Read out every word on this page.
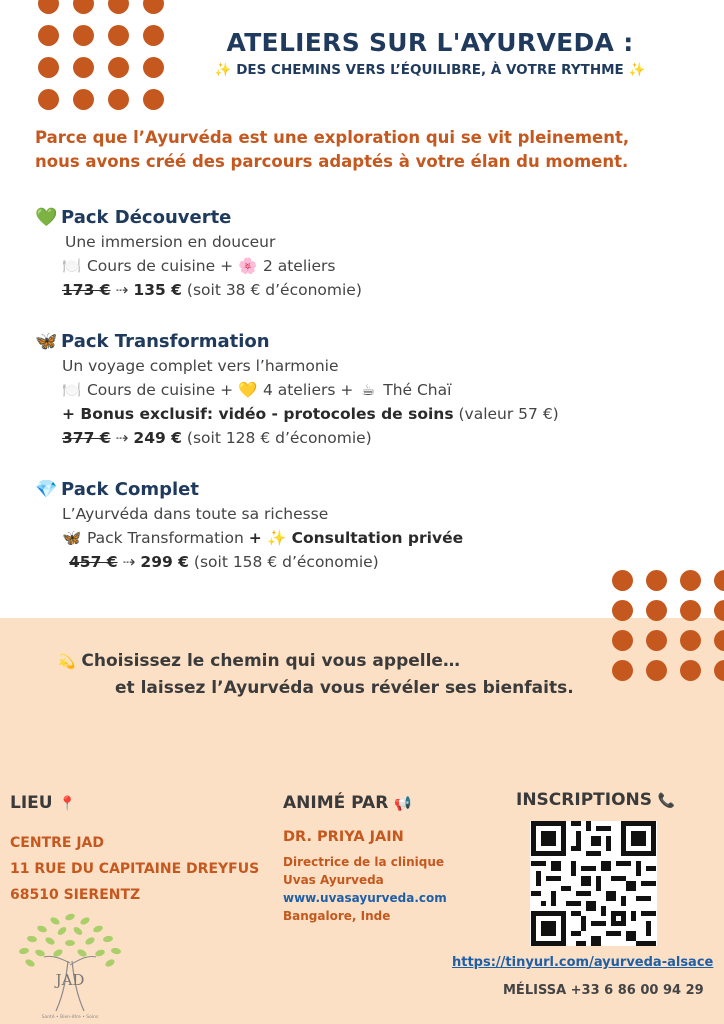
ATELIERS SUR L'AYURVEDA :
✨ DES CHEMINS VERS L’ÉQUILIBRE, À VOTRE RYTHME ✨
Parce que l’Ayurvéda est une exploration qui se vit pleinement,
nous avons créé des parcours adaptés à votre élan du moment.
💚 Pack Découverte
Une immersion en douceur
🍽️ Cours de cuisine + 🌸 2 ateliers
173 € ⇢ 135 € (soit 38 € d’économie)
🦋 Pack Transformation
Un voyage complet vers l’harmonie
🍽️ Cours de cuisine + 💛 4 ateliers + ☕ Thé Chaï
+ Bonus exclusif: vidéo - protocoles de soins (valeur 57 €)
377 € ⇢ 249 € (soit 128 € d’économie)
💎 Pack Complet
L’Ayurvéda dans toute sa richesse
🦋 Pack Transformation + ✨ Consultation privée
457 € ⇢ 299 € (soit 158 € d’économie)
💫 Choisissez le chemin qui vous appelle…
et laissez l’Ayurvéda vous révéler ses bienfaits.
LIEU 📍
CENTRE JAD
11 RUE DU CAPITAINE DREYFUS
68510 SIERENTZ
ANIMÉ PAR 📢
DR. PRIYA JAIN
Directrice de la clinique
Uvas Ayurveda
www.uvasayurveda.com
Bangalore, Inde
INSCRIPTIONS 📞
https://tinyurl.com/ayurveda-alsace
MÉLISSA +33 6 86 00 94 29
JAD
Santé • Bien-être • Soins
